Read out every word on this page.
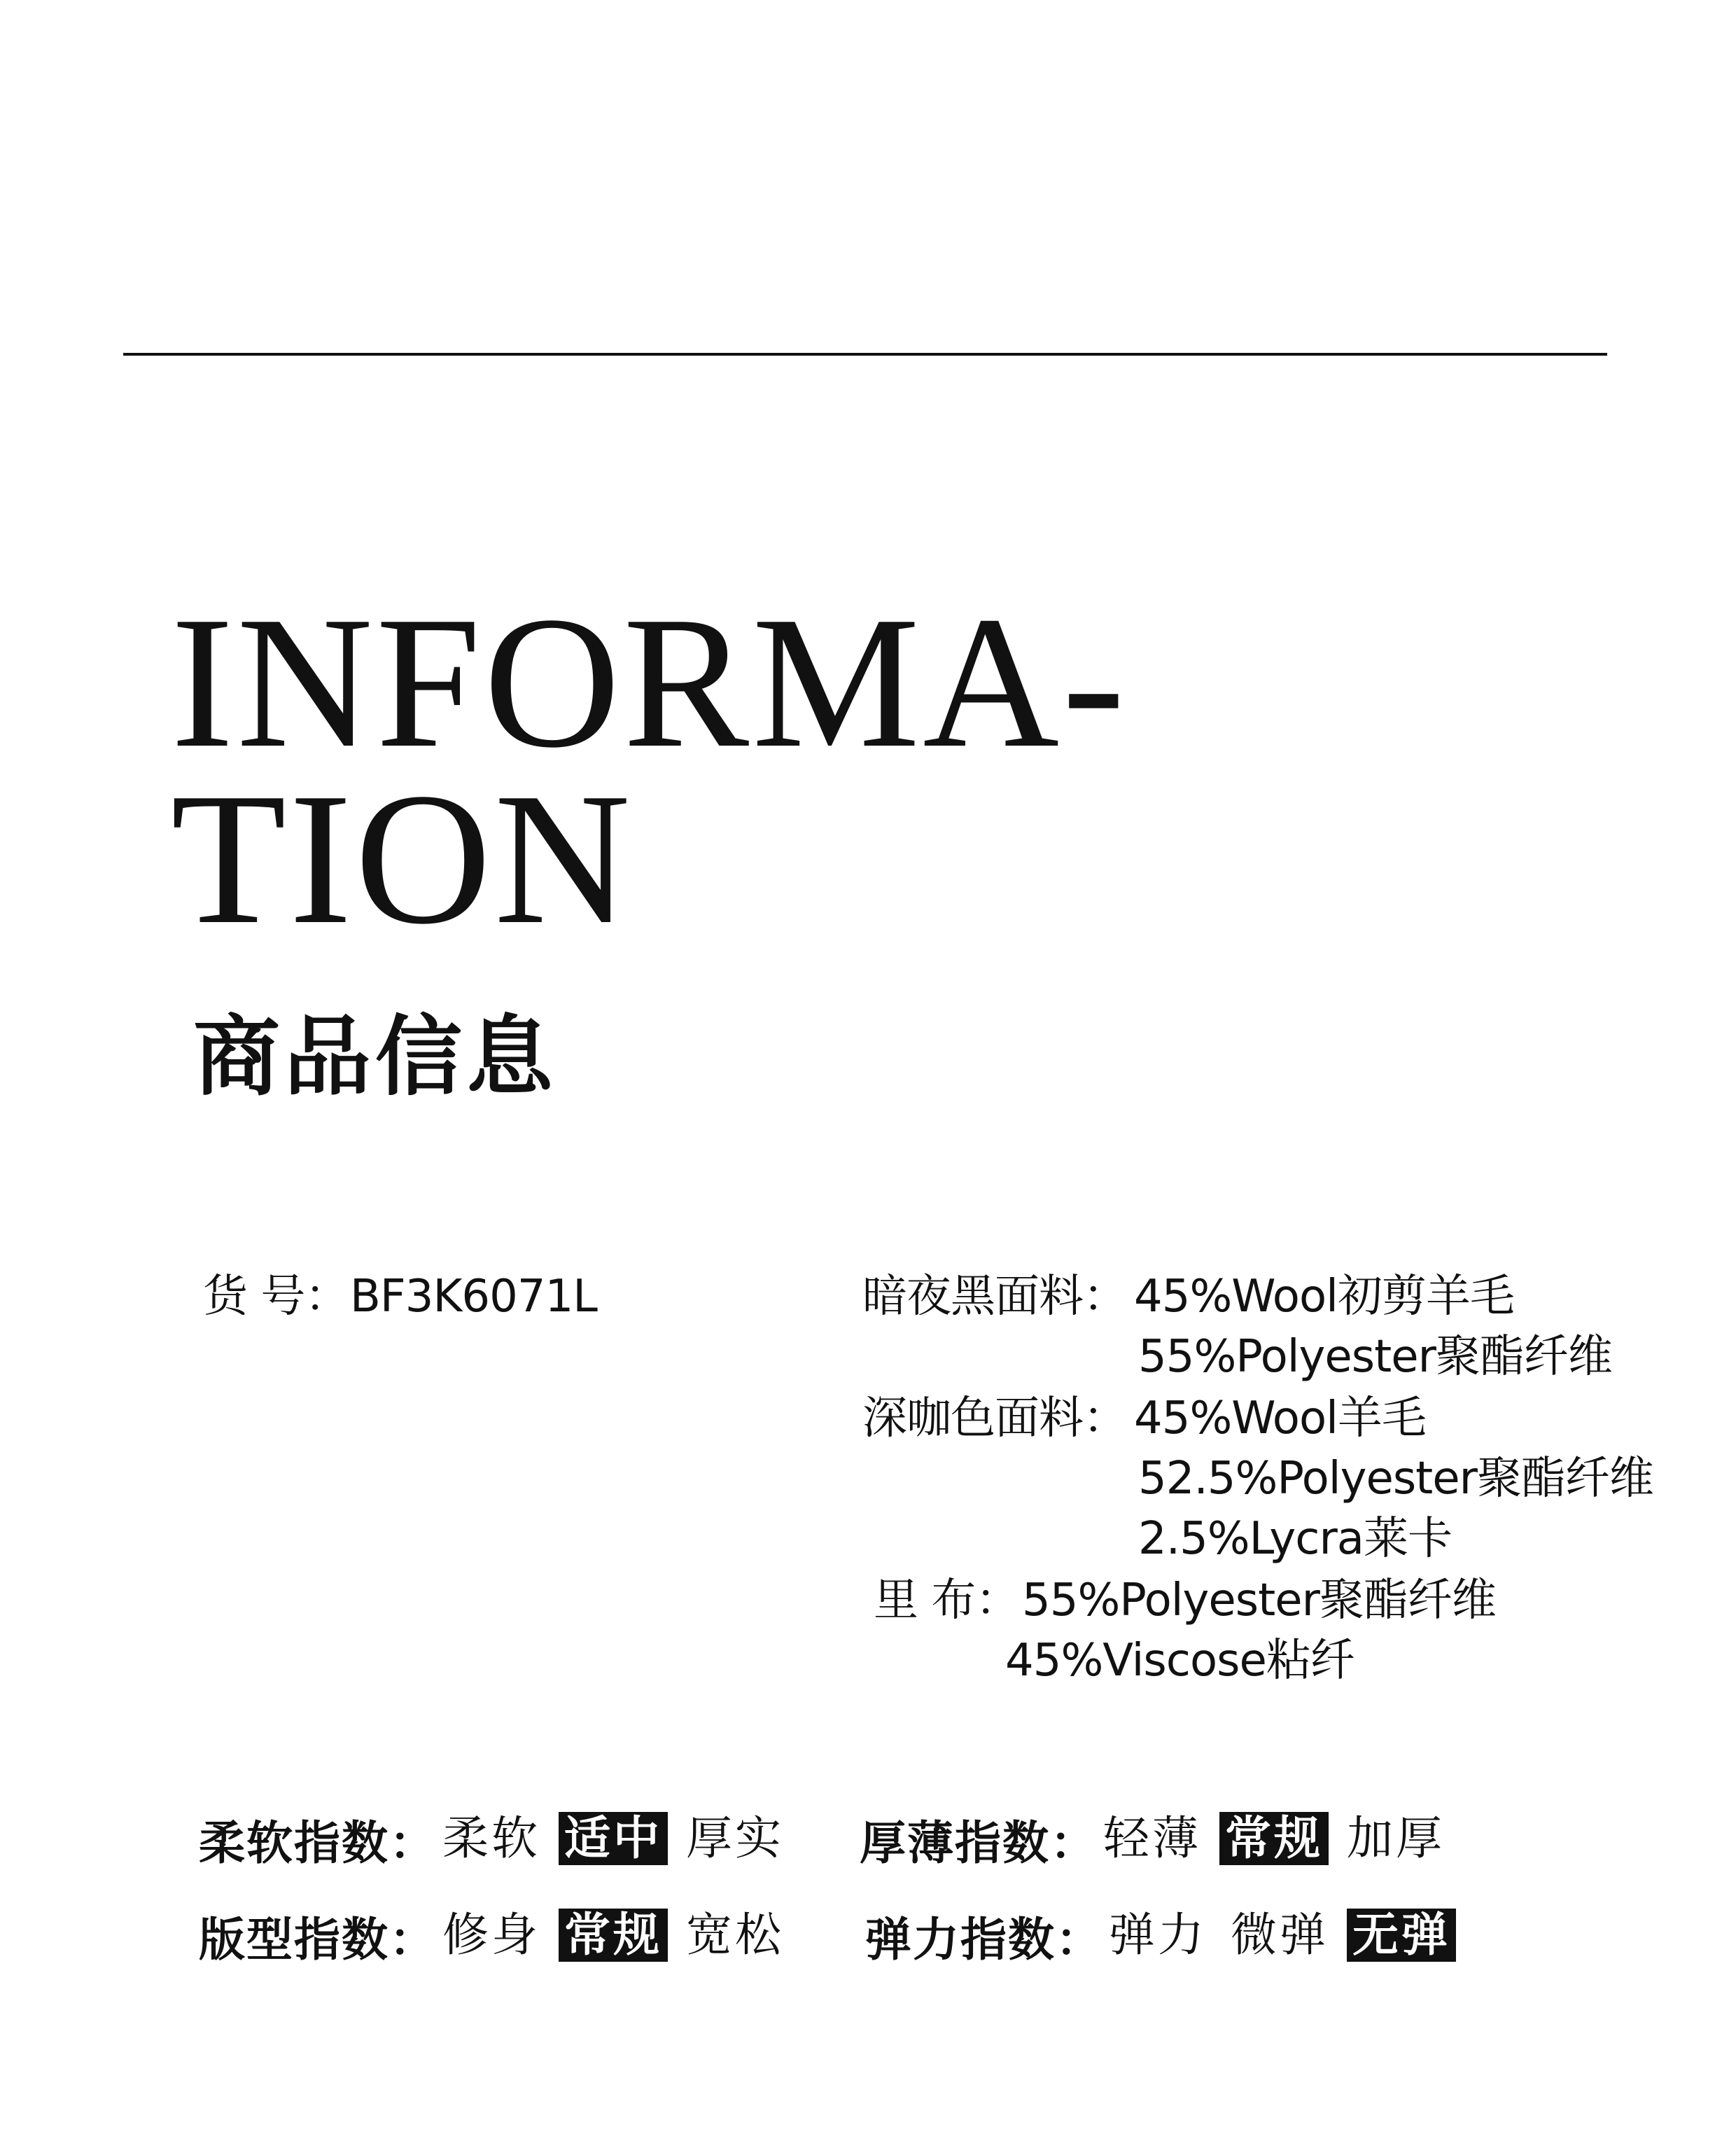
INFORMA-
TION
商品信息
货 号： BF3K6071L	暗夜黑面料： 45%Wool初剪羊毛
55%Polyester聚酯纤维
深咖色面料： 45%Wool羊毛
52.5%Polyester聚酯纤维
2.5%Lycra莱卡
里 布： 55%Polyester聚酯纤维
45%Viscose粘纤
柔软指数： 柔软 适中 厚实 厚薄指数： 轻薄 常规 加厚
版型指数： 修身 常规 宽松 弹力指数： 弹力 微弹 无弹
